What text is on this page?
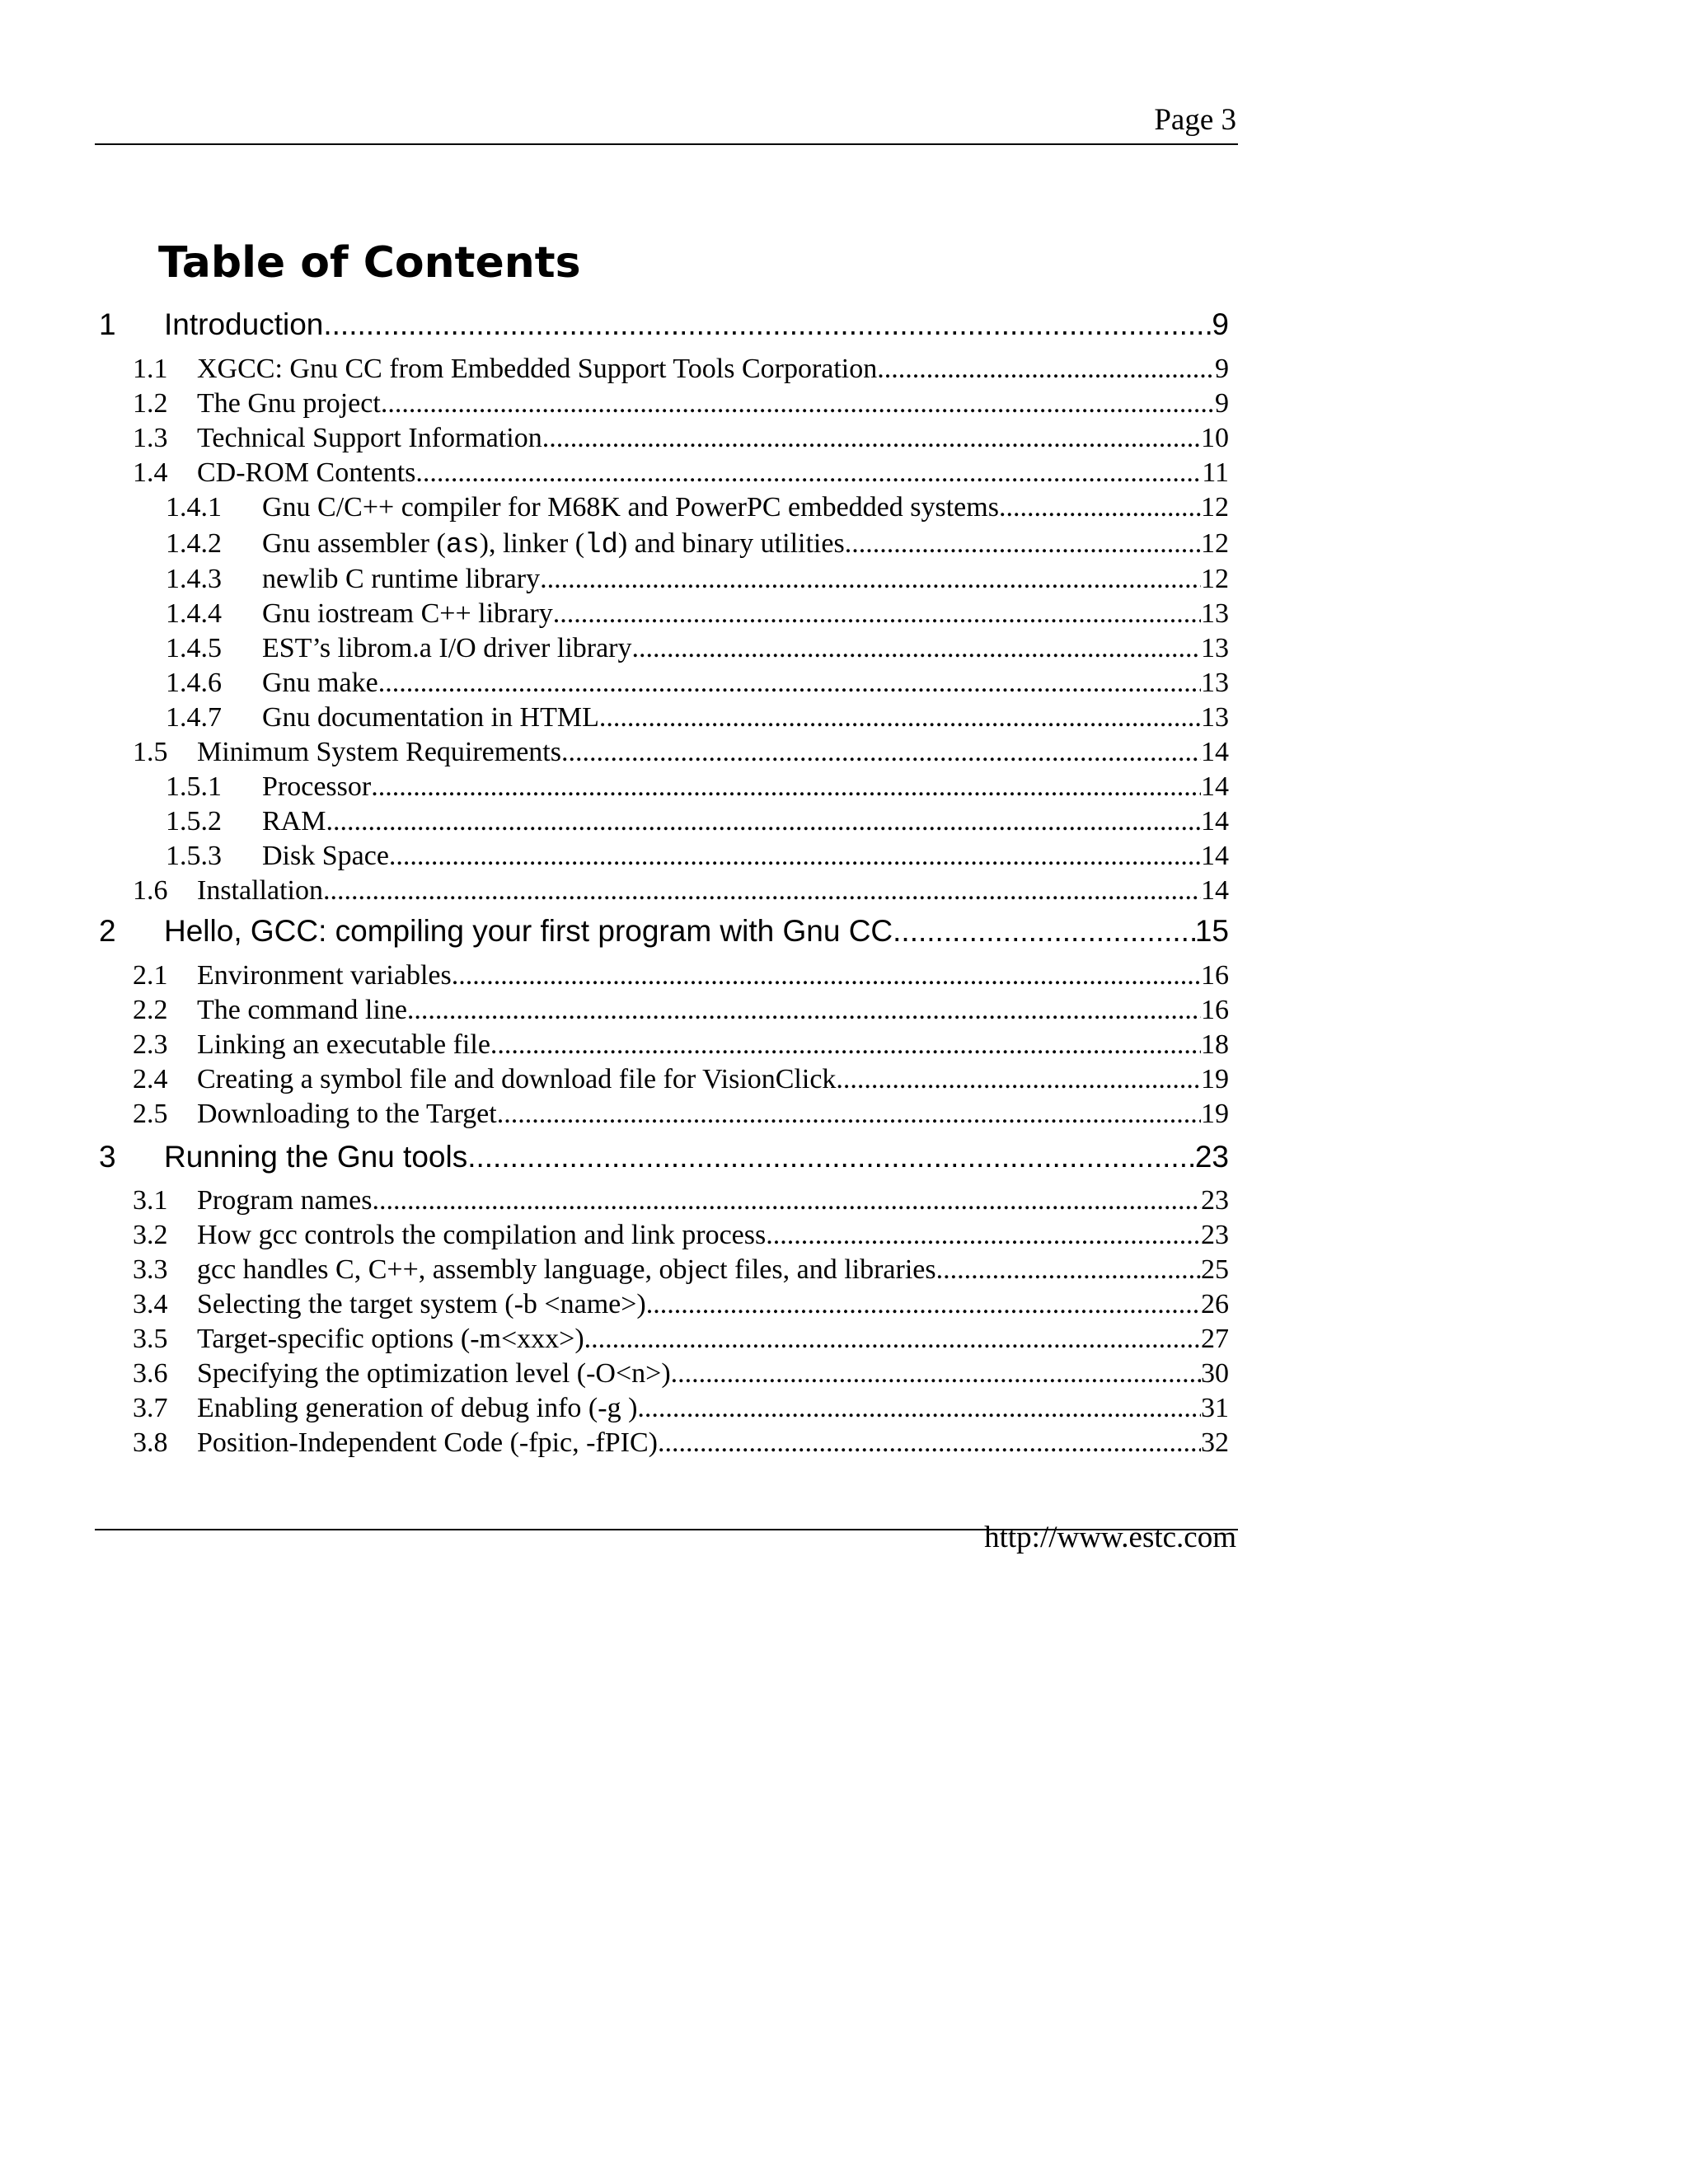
Page 3
Table of Contents
1	Introduction .....	9
1.1	XGCC: Gnu CC from Embedded Support Tools Corporation .....	9
1.2	The Gnu project .....	9
1.3	Technical Support Information .....	10
1.4	CD-ROM Contents .....	11
1.4.1	Gnu C/C++ compiler for M68K and PowerPC embedded systems .....	12
1.4.2	Gnu assembler (as), linker (ld) and binary utilities .....	12
1.4.3	newlib C runtime library .....	12
1.4.4	Gnu iostream C++ library .....	13
1.4.5	EST’s librom.a I/O driver library .....	13
1.4.6	Gnu make .....	13
1.4.7	Gnu documentation in HTML .....	13
1.5	Minimum System Requirements .....	14
1.5.1	Processor .....	14
1.5.2	RAM .....	14
1.5.3	Disk Space .....	14
1.6	Installation .....	14
2	Hello, GCC: compiling your first program with Gnu CC .....	15
2.1	Environment variables .....	16
2.2	The command line .....	16
2.3	Linking an executable file .....	18
2.4	Creating a symbol file and download file for VisionClick .....	19
2.5	Downloading to the Target .....	19
3	Running the Gnu tools .....	23
3.1	Program names .....	23
3.2	How gcc controls the compilation and link process .....	23
3.3	gcc handles C, C++, assembly language, object files, and libraries .....	25
3.4	Selecting the target system (-b <name>) .....	26
3.5	Target-specific options (-m<xxx>) .....	27
3.6	Specifying the optimization level (-O<n>) .....	30
3.7	Enabling generation of debug info (-g ) .....	31
3.8	Position-Independent Code (-fpic, -fPIC) .....	32
http://www.estc.com
